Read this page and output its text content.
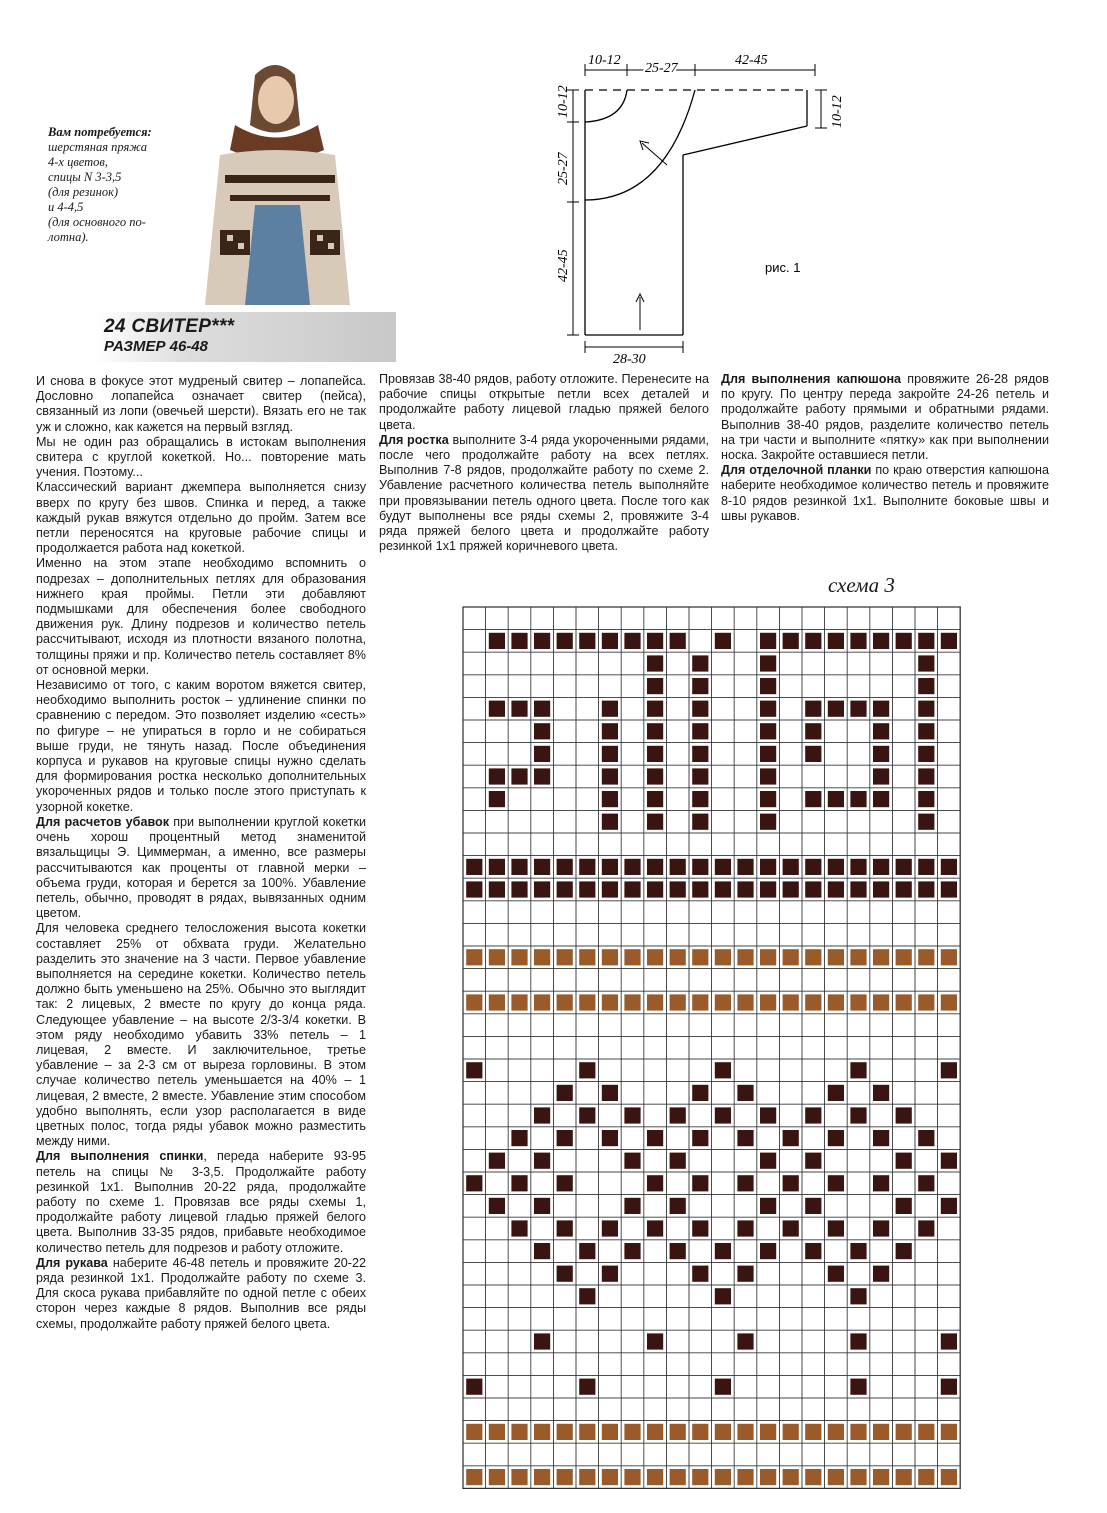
Вам потребуется:
шерстяная пряжа
4-х цветов,
спицы N 3-3,5
(для резинок)
и 4-4,5
(для основного по-
лотна).
24 СВИТЕР***
РАЗМЕР 46-48
10-12
25-27
42-45
10-12
25-27
42-45
10-12
28-30
рис. 1

И снова в фокусе этот мудреный свитер – лопапейса. Дословно лопапейса означает свитер (пейса), связанный из лопи (овечьей шерсти). Вязать его не так уж и сложно, как кажется на первый взгляд.

Мы не один раз обращались в истокам выполнения свитера с круглой кокеткой. Но... повторение мать учения. Поэтому...

Классический вариант джемпера выполняется снизу вверх по кругу без швов. Спинка и перед, а также каждый рукав вяжутся отдельно до пройм. Затем все петли переносятся на круговые рабочие спицы и продолжается работа над кокеткой.

Именно на этом этапе необходимо вспомнить о подрезах – дополнительных петлях для образования нижнего края проймы. Петли эти добавляют подмышками для обеспечения более свободного движения рук. Длину подрезов и количество петель рассчитывают, исходя из плотности вязаного полотна, толщины пряжи и пр. Количество петель составляет 8% от основной мерки.

Независимо от того, с каким воротом вяжется свитер, необходимо выполнить росток – удлинение спинки по сравнению с передом. Это позволяет изделию «сесть» по фигуре – не упираться в горло и не собираться выше груди, не тянуть назад. После объединения корпуса и рукавов на круговые спицы нужно сделать для формирования ростка несколько дополнительных укороченных рядов и только после этого приступать к узорной кокетке.

Для расчетов убавок при выполнении круглой кокетки очень хорош процентный метод знаменитой вязальщицы Э. Циммерман, а именно, все размеры рассчитываются как проценты от главной мерки – объема груди, которая и берется за 100%. Убавление петель, обычно, проводят в рядах, вывязанных одним цветом.

Для человека среднего телосложения высота кокетки составляет 25% от обхвата груди. Желательно разделить это значение на 3 части. Первое убавление выполняется на середине кокетки. Количество петель должно быть уменьшено на 25%. Обычно это выглядит так: 2 лицевых, 2 вместе по кругу до конца ряда. Следующее убавление – на высоте 2/3-3/4 кокетки. В этом ряду необходимо убавить 33% петель – 1 лицевая, 2 вместе. И заключительное, третье убавление – за 2-3 см от выреза горловины. В этом случае количество петель уменьшается на 40% – 1 лицевая, 2 вместе, 2 вместе. Убавление этим способом удобно выполнять, если узор располагается в виде цветных полос, тогда ряды убавок можно разместить между ними.

Для выполнения спинки, переда наберите 93-95 петель на спицы № 3-3,5. Продолжайте работу резинкой 1х1. Выполнив 20-22 ряда, продолжайте работу по схеме 1. Провязав все ряды схемы 1, продолжайте работу лицевой гладью пряжей белого цвета. Выполнив 33-35 рядов, прибавьте необходимое количество петель для подрезов и работу отложите.

Для рукава наберите 46-48 петель и провяжите 20-22 ряда резинкой 1х1. Продолжайте работу по схеме 3. Для скоса рукава прибавляйте по одной петле с обеих сторон через каждые 8 рядов. Выполнив все ряды схемы, продолжайте работу пряжей белого цвета.

Провязав 38-40 рядов, работу отложите. Перенесите на рабочие спицы открытые петли всех деталей и продолжайте работу лицевой гладью пряжей белого цвета.

Для ростка выполните 3-4 ряда укороченными рядами, после чего продолжайте работу на всех петлях. Выполнив 7-8 рядов, продолжайте работу по схеме 2. Убавление расчетного количества петель выполняйте при провязывании петель одного цвета. После того как будут выполнены все ряды схемы 2, провяжите 3-4 ряда пряжей белого цвета и продолжайте работу резинкой 1х1 пряжей коричневого цвета.

Для выполнения капюшона провяжите 26-28 рядов по кругу. По центру переда закройте 24-26 петель и продолжайте работу прямыми и обратными рядами. Выполнив 38-40 рядов, разделите количество петель на три части и выполните «пятку» как при выполнении носка. Закройте оставшиеся петли.

Для отделочной планки по краю отверстия капюшона наберите необходимое количество петель и провяжите 8-10 рядов резинкой 1х1. Выполните боковые швы и швы рукавов.

схема 3
